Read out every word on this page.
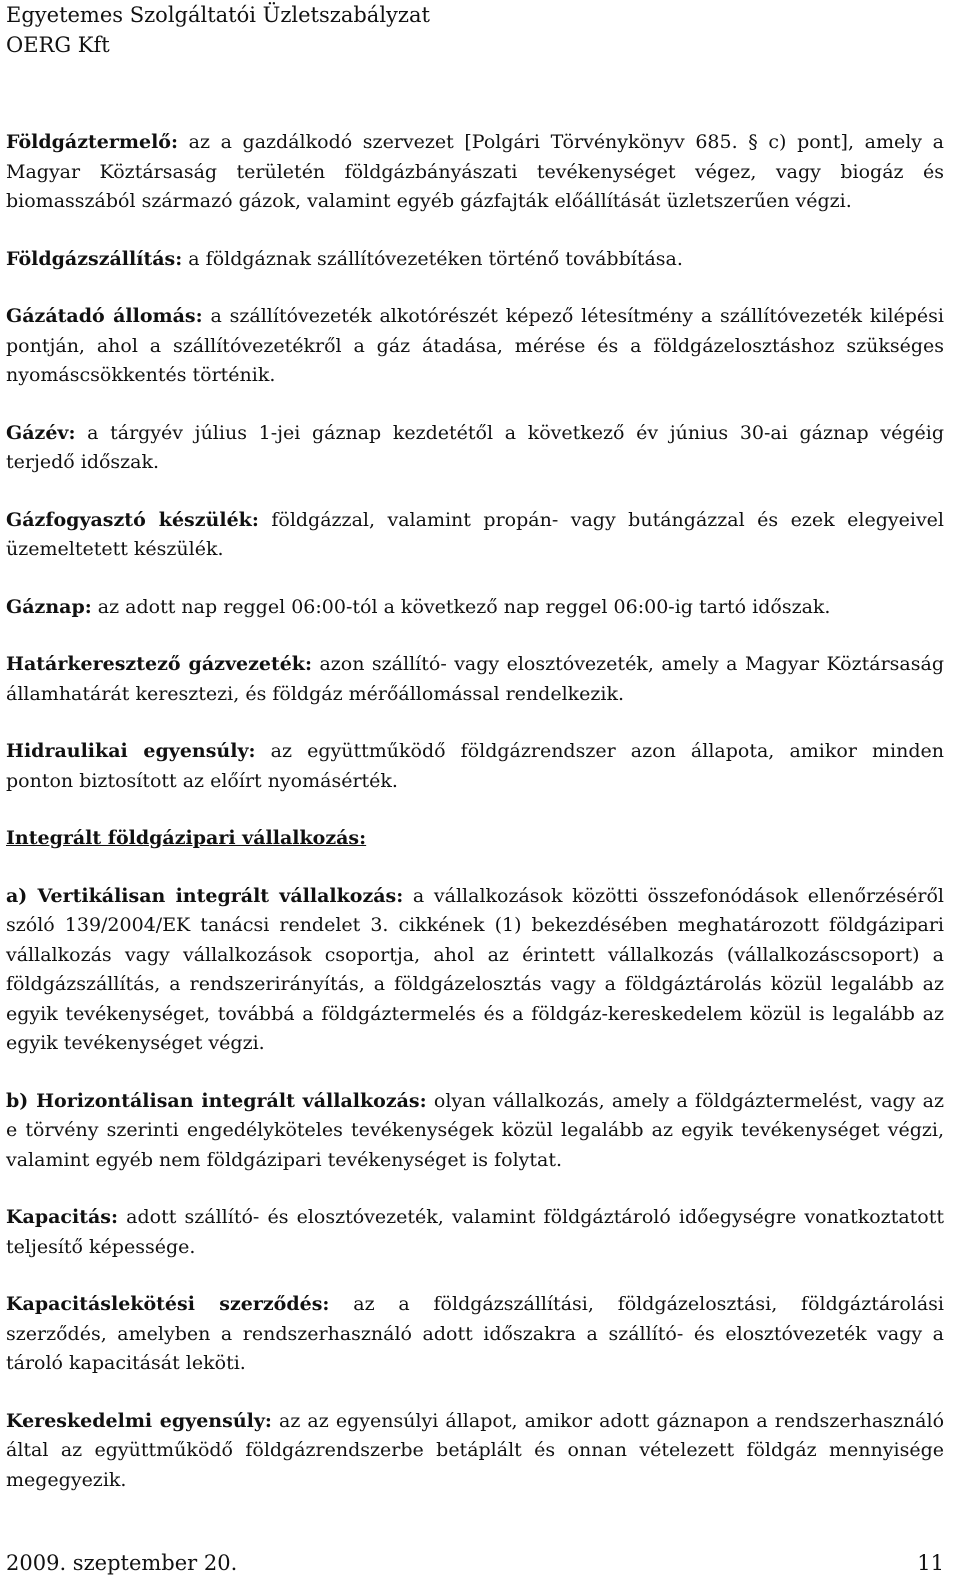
Egyetemes Szolgáltatói Üzletszabályzat
OERG Kft

Földgáztermelő: az a gazdálkodó szervezet [Polgári Törvénykönyv 685. § c) pont], amely a Magyar Köztársaság területén földgázbányászati tevékenységet végez, vagy biogáz és biomasszából származó gázok, valamint egyéb gázfajták előállítását üzletszerűen végzi.

Földgázszállítás: a földgáznak szállítóvezetéken történő továbbítása.

Gázátadó állomás: a szállítóvezeték alkotórészét képező létesítmény a szállítóvezeték kilépési pontján, ahol a szállítóvezetékről a gáz átadása, mérése és a földgázelosztáshoz szükséges nyomáscsökkentés történik.

Gázév: a tárgyév július 1-jei gáznap kezdetétől a következő év június 30-ai gáznap végéig terjedő időszak.

Gázfogyasztó készülék: földgázzal, valamint propán- vagy butángázzal és ezek elegyeivel üzemeltetett készülék.

Gáznap: az adott nap reggel 06:00-tól a következő nap reggel 06:00-ig tartó időszak.

Határkeresztező gázvezeték: azon szállító- vagy elosztóvezeték, amely a Magyar Köztársaság államhatárát keresztezi, és földgáz mérőállomással rendelkezik.

Hidraulikai egyensúly: az együttműködő földgázrendszer azon állapota, amikor minden ponton biztosított az előírt nyomásérték.

Integrált földgázipari vállalkozás:

a) Vertikálisan integrált vállalkozás: a vállalkozások közötti összefonódások ellenőrzéséről szóló 139/2004/EK tanácsi rendelet 3. cikkének (1) bekezdésében meghatározott földgázipari vállalkozás vagy vállalkozások csoportja, ahol az érintett vállalkozás (vállalkozáscsoport) a földgázszállítás, a rendszerirányítás, a földgázelosztás vagy a földgáztárolás közül legalább az egyik tevékenységet, továbbá a földgáztermelés és a földgáz-kereskedelem közül is legalább az egyik tevékenységet végzi.

b) Horizontálisan integrált vállalkozás: olyan vállalkozás, amely a földgáztermelést, vagy az e törvény szerinti engedélyköteles tevékenységek közül legalább az egyik tevékenységet végzi, valamint egyéb nem földgázipari tevékenységet is folytat.

Kapacitás: adott szállító- és elosztóvezeték, valamint földgáztároló időegységre vonatkoztatott teljesítő képessége.

Kapacitáslekötési szerződés: az a földgázszállítási, földgázelosztási, földgáztárolási szerződés, amelyben a rendszerhasználó adott időszakra a szállító- és elosztóvezeték vagy a tároló kapacitását leköti.

Kereskedelmi egyensúly: az az egyensúlyi állapot, amikor adott gáznapon a rendszerhasználó által az együttműködő földgázrendszerbe betáplált és onnan vételezett földgáz mennyisége megegyezik.

2009. szeptember 20.	11
